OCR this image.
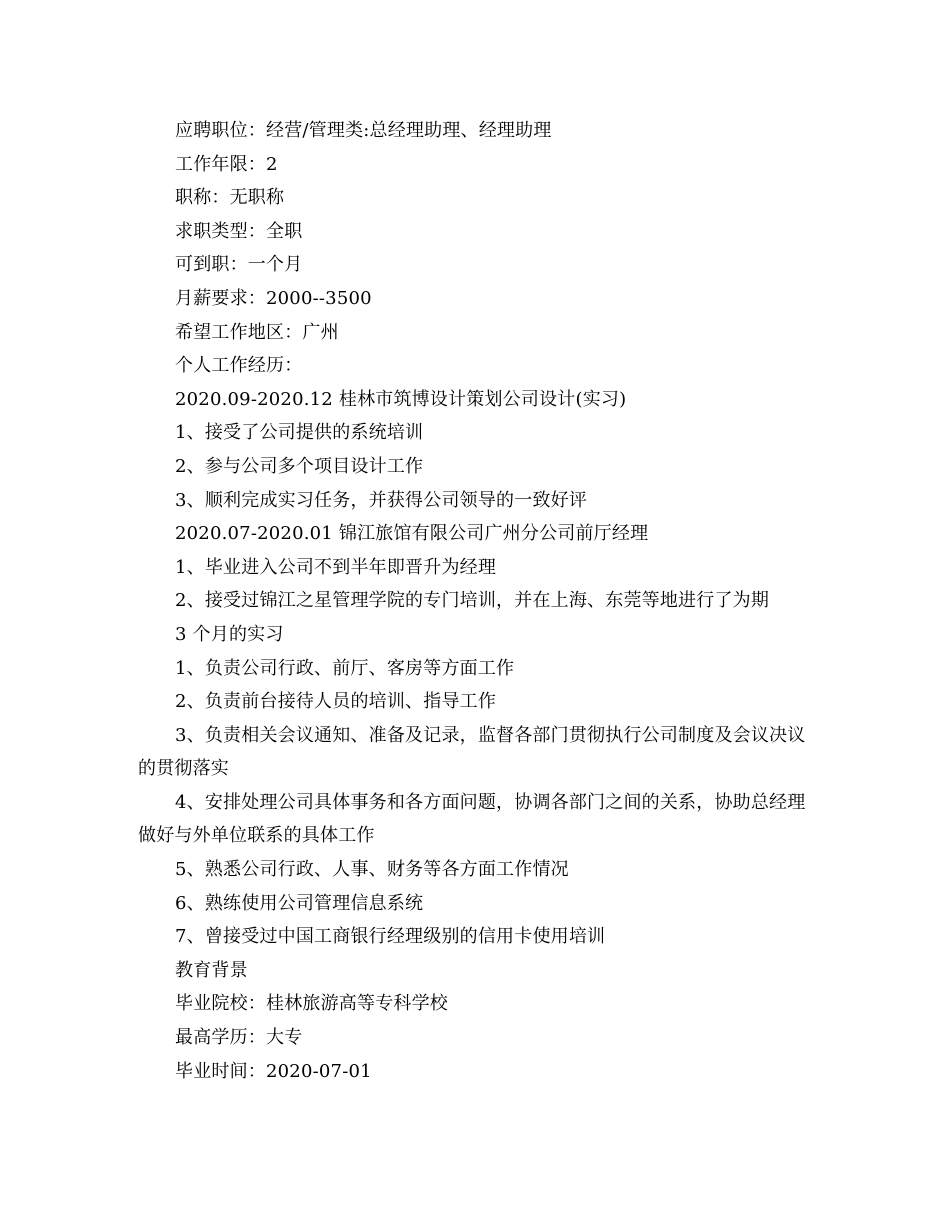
应聘职位：经营/管理类:总经理助理、经理助理
工作年限：2
职称：无职称
求职类型：全职
可到职：一个月
月薪要求：2000--3500
希望工作地区：广州
个人工作经历：
2020.09-2020.12 桂林市筑博设计策划公司设计(实习)
1、接受了公司提供的系统培训
2、参与公司多个项目设计工作
3、顺利完成实习任务，并获得公司领导的一致好评
2020.07-2020.01 锦江旅馆有限公司广州分公司前厅经理
1、毕业进入公司不到半年即晋升为经理
2、接受过锦江之星管理学院的专门培训，并在上海、东莞等地进行了为期
3 个月的实习
1、负责公司行政、前厅、客房等方面工作
2、负责前台接待人员的培训、指导工作
3、负责相关会议通知、准备及记录，监督各部门贯彻执行公司制度及会议决议的贯彻落实
4、安排处理公司具体事务和各方面问题，协调各部门之间的关系，协助总经理做好与外单位联系的具体工作
5、熟悉公司行政、人事、财务等各方面工作情况
6、熟练使用公司管理信息系统
7、曾接受过中国工商银行经理级别的信用卡使用培训
教育背景
毕业院校：桂林旅游高等专科学校
最高学历：大专
毕业时间：2020-07-01
